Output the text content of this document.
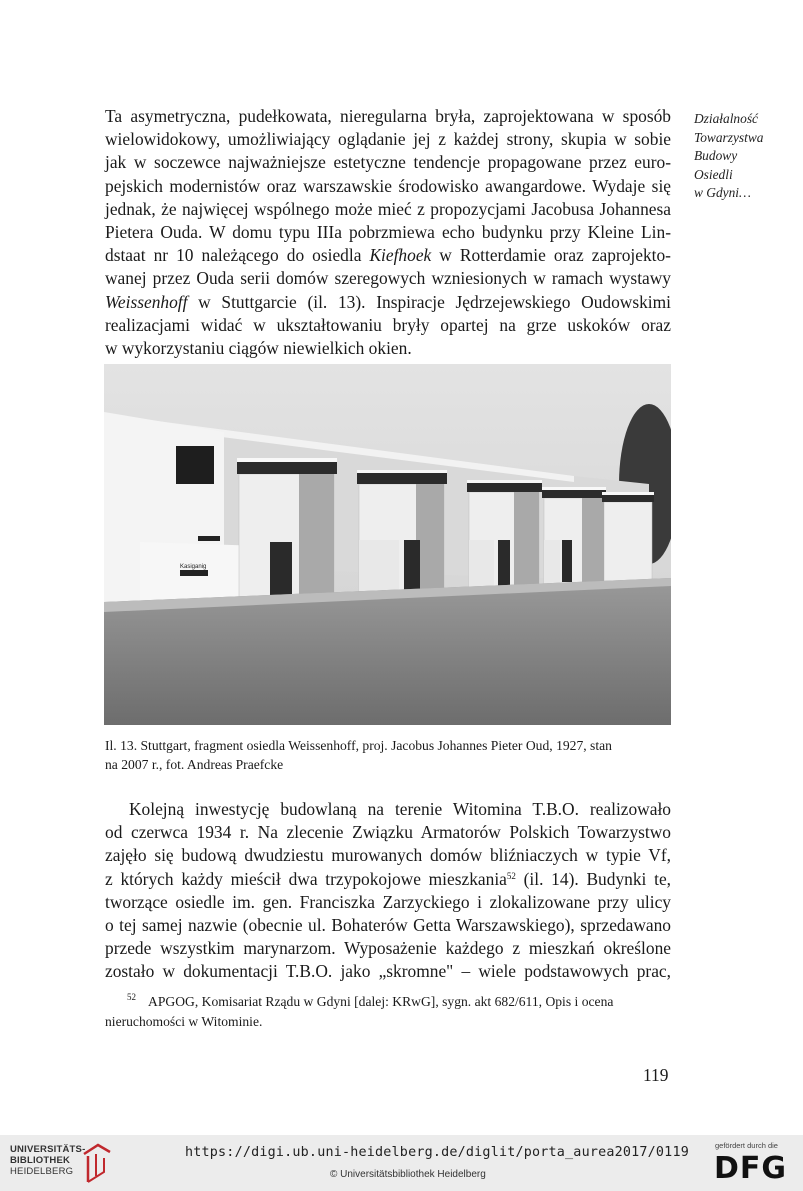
Działalność
Towarzystwa
Budowy
Osiedli
w Gdyni…

Ta asymetryczna, pudełkowata, nieregularna bryła, zaprojektowana w sposób
wielowidokowy, umożliwiający oglądanie jej z każdej strony, skupia w sobie
jak w soczewce najważniejsze estetyczne tendencje propagowane przez euro-
pejskich modernistów oraz warszawskie środowisko awangardowe. Wydaje się
jednak, że najwięcej wspólnego może mieć z propozycjami Jacobusa Johannesa
Pietera Ouda. W domu typu IIIa pobrzmiewa echo budynku przy Kleine Lin-
dstaat nr 10 należącego do osiedla Kiefhoek w Rotterdamie oraz zaprojekto-
wanej przez Ouda serii domów szeregowych wzniesionych w ramach wystawy
Weissenhoff w Stuttgarcie (il. 13). Inspiracje Jędrzejewskiego Oudowskimi
realizacjami widać w ukształtowaniu bryły opartej na grze uskoków oraz
w wykorzystaniu ciągów niewielkich okien.

Kasiganig
Il. 13. Stuttgart, fragment osiedla Weissenhoff, proj. Jacobus Johannes Pieter Oud, 1927, stan
na 2007 r., fot. Andreas Praefcke

Kolejną inwestycję budowlaną na terenie Witomina T.B.O. realizowało
od czerwca 1934 r. Na zlecenie Związku Armatorów Polskich Towarzystwo
zajęło się budową dwudziestu murowanych domów bliźniaczych w typie Vf,
z których każdy mieścił dwa trzypokojowe mieszkania$^{52}$ (il. 14). Budynki te,
tworzące osiedle im. gen. Franciszka Zarzyckiego i zlokalizowane przy ulicy
o tej samej nazwie (obecnie ul. Bohaterów Getta Warszawskiego), sprzedawano
przede wszystkim marynarzom. Wyposażenie każdego z mieszkań określone
zostało w dokumentacji T.B.O. jako „skromne" – wiele podstawowych prac,

$^{52}$ APGOG, Komisariat Rządu w Gdyni [dalej: KRwG], sygn. akt 682/611, Opis i ocena
nieruchomości w Witominie.
119
UNIVERSITÄTS-
BIBLIOTHEK
HEIDELBERG
https://digi.ub.uni-heidelberg.de/diglit/porta_aurea2017/0119
© Universitätsbibliothek Heidelberg
gefördert durch die
DFG
